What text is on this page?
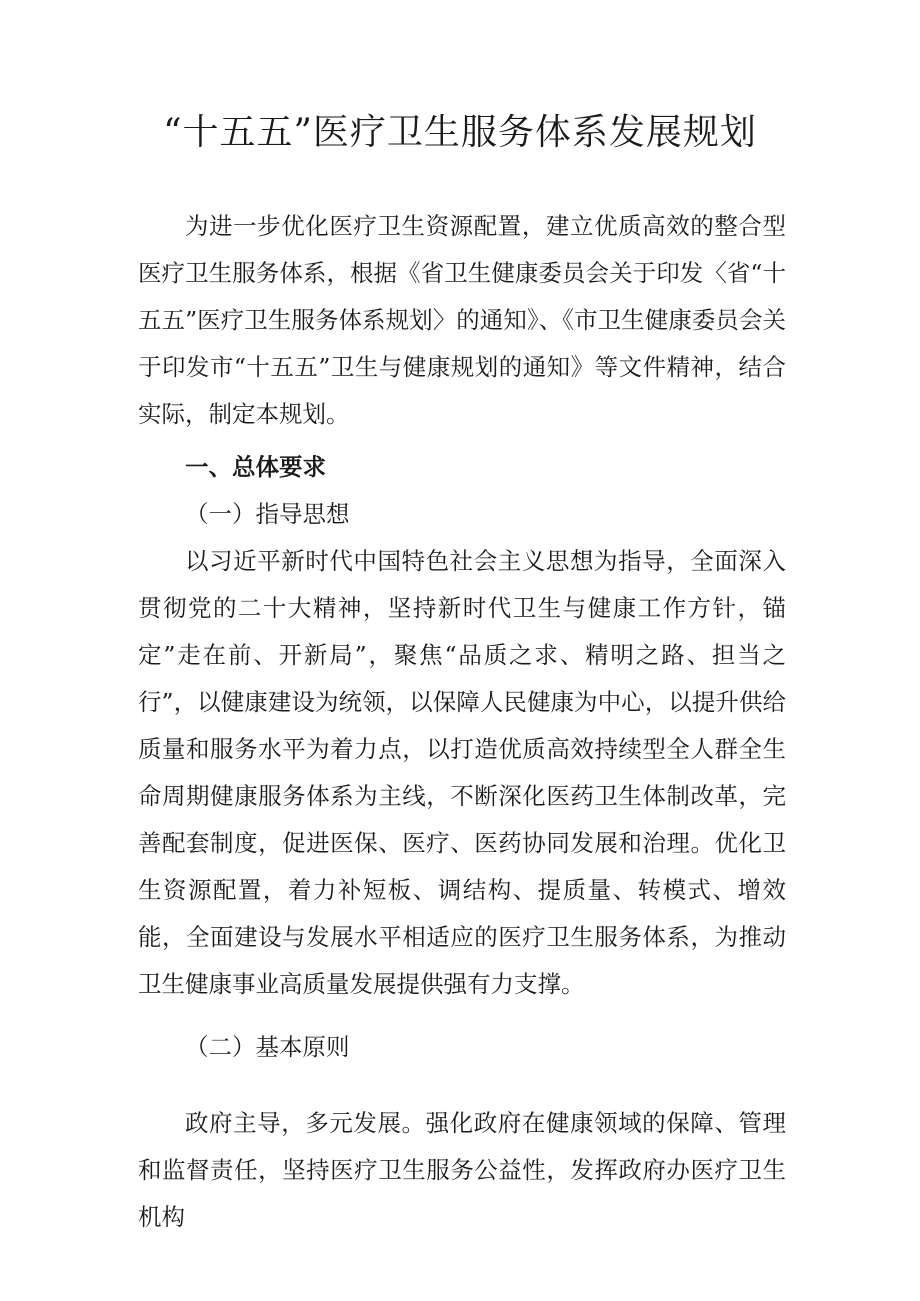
“十五五”医疗卫生服务体系发展规划

为进一步优化医疗卫生资源配置，建立优质高效的整合型医疗卫生服务体系，根据《省卫生健康委员会关于印发〈省“十五五”医疗卫生服务体系规划〉的通知》、《市卫生健康委员会关于印发市“十五五”卫生与健康规划的通知》等文件精神，结合实际，制定本规划。

一、总体要求

（一）指导思想

以习近平新时代中国特色社会主义思想为指导，全面深入贯彻党的二十大精神，坚持新时代卫生与健康工作方针，锚定”走在前、开新局”，聚焦“品质之求、精明之路、担当之行”，以健康建设为统领，以保障人民健康为中心，以提升供给质量和服务水平为着力点，以打造优质高效持续型全人群全生命周期健康服务体系为主线，不断深化医药卫生体制改革，完善配套制度，促进医保、医疗、医药协同发展和治理。优化卫生资源配置，着力补短板、调结构、提质量、转模式、增效能，全面建设与发展水平相适应的医疗卫生服务体系，为推动卫生健康事业高质量发展提供强有力支撑。

（二）基本原则

政府主导，多元发展。强化政府在健康领域的保障、管理和监督责任，坚持医疗卫生服务公益性，发挥政府办医疗卫生机构
